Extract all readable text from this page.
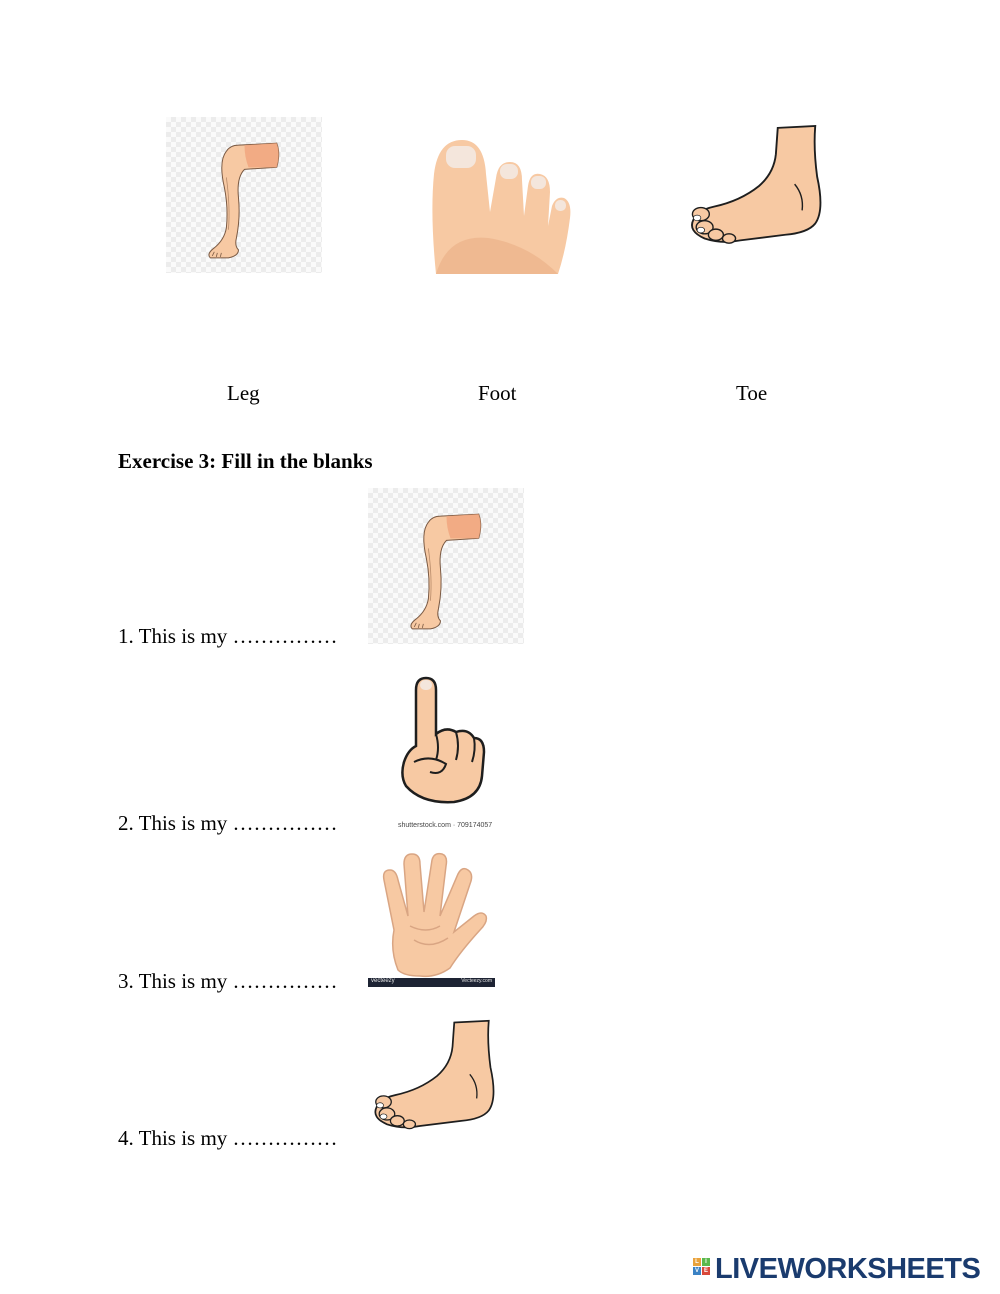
Leg	Foot	Toe
Exercise 3: Fill in the blanks
1. This is my ……………
2. This is my ……………	shutterstock.com · 709174057
3. This is my ……………	vecteezy	Vecteezy.com
4. This is my ……………
L	I
V E LIVEWORKSHEETS
